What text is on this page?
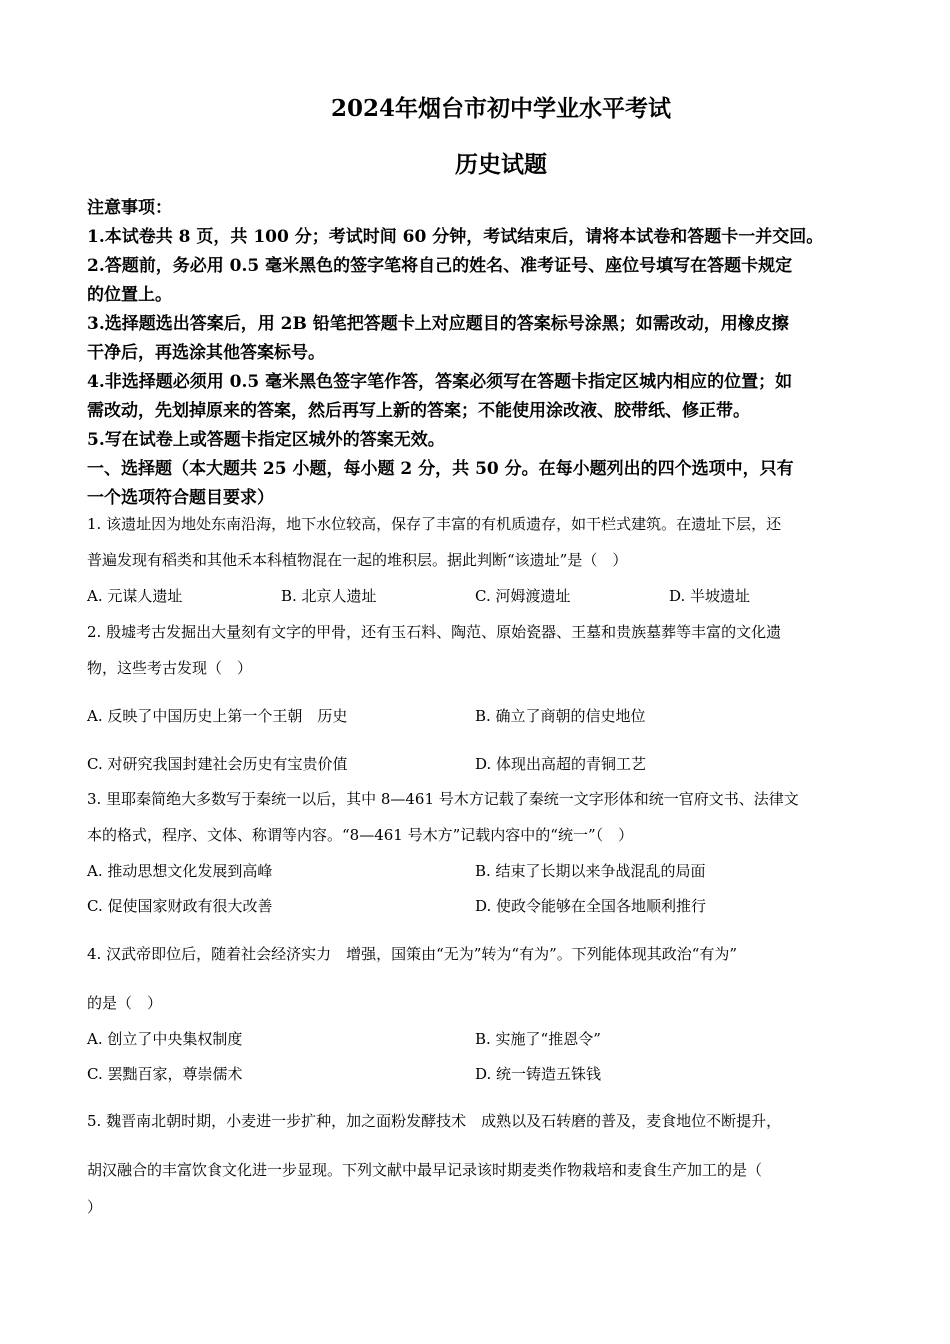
2024年烟台市初中学业水平考试
历史试题
注意事项：
1.本试卷共 8 页，共 100 分；考试时间 60 分钟，考试结束后，请将本试卷和答题卡一并交回。
2.答题前，务必用 0.5 毫米黑色的签字笔将自己的姓名、准考证号、座位号填写在答题卡规定
的位置上。
3.选择题选出答案后，用 2B 铅笔把答题卡上对应题目的答案标号涂黑；如需改动，用橡皮擦
干净后，再选涂其他答案标号。
4.非选择题必须用 0.5 毫米黑色签字笔作答，答案必须写在答题卡指定区城内相应的位置；如
需改动，先划掉原来的答案，然后再写上新的答案；不能使用涂改液、胶带纸、修正带。
5.写在试卷上或答题卡指定区城外的答案无效。
一、选择题（本大题共 25 小题，每小题 2 分，共 50 分。在每小题列出的四个选项中，只有
一个选项符合题目要求）
1. 该遗址因为地处东南沿海，地下水位较高，保存了丰富的有机质遗存，如干栏式建筑。在遗址下层，还
普遍发现有稻类和其他禾本科植物混在一起的堆积层。据此判断“该遗址”是（　）
A. 元谋人遗址	B. 北京人遗址	C. 河姆渡遗址	D. 半坡遗址
2. 殷墟考古发掘出大量刻有文字的甲骨，还有玉石料、陶范、原始瓷器、王墓和贵族墓葬等丰富的文化遗
物，这些考古发现（　）
A. 反映了中国历史上第一个王朝　历史	B. 确立了商朝的信史地位
C. 对研究我国封建社会历史有宝贵价值	D. 体现出高超的青铜工艺
3. 里耶秦简绝大多数写于秦统一以后，其中 8—461 号木方记载了秦统一文字形体和统一官府文书、法律文
本的格式，程序、文体、称谓等内容。“8—461 号木方”记载内容中的“统一”（　）
A. 推动思想文化发展到高峰	B. 结束了长期以来争战混乱的局面
C. 促使国家财政有很大改善	D. 使政令能够在全国各地顺利推行
4. 汉武帝即位后，随着社会经济实力　增强，国策由“无为”转为“有为”。下列能体现其政治“有为”
的是（　）
A. 创立了中央集权制度	B. 实施了“推恩令”
C. 罢黜百家，尊崇儒术	D. 统一铸造五铢钱
5. 魏晋南北朝时期，小麦进一步扩种，加之面粉发酵技术　成熟以及石转磨的普及，麦食地位不断提升，
胡汉融合的丰富饮食文化进一步显现。下列文献中最早记录该时期麦类作物栽培和麦食生产加工的是（
）
